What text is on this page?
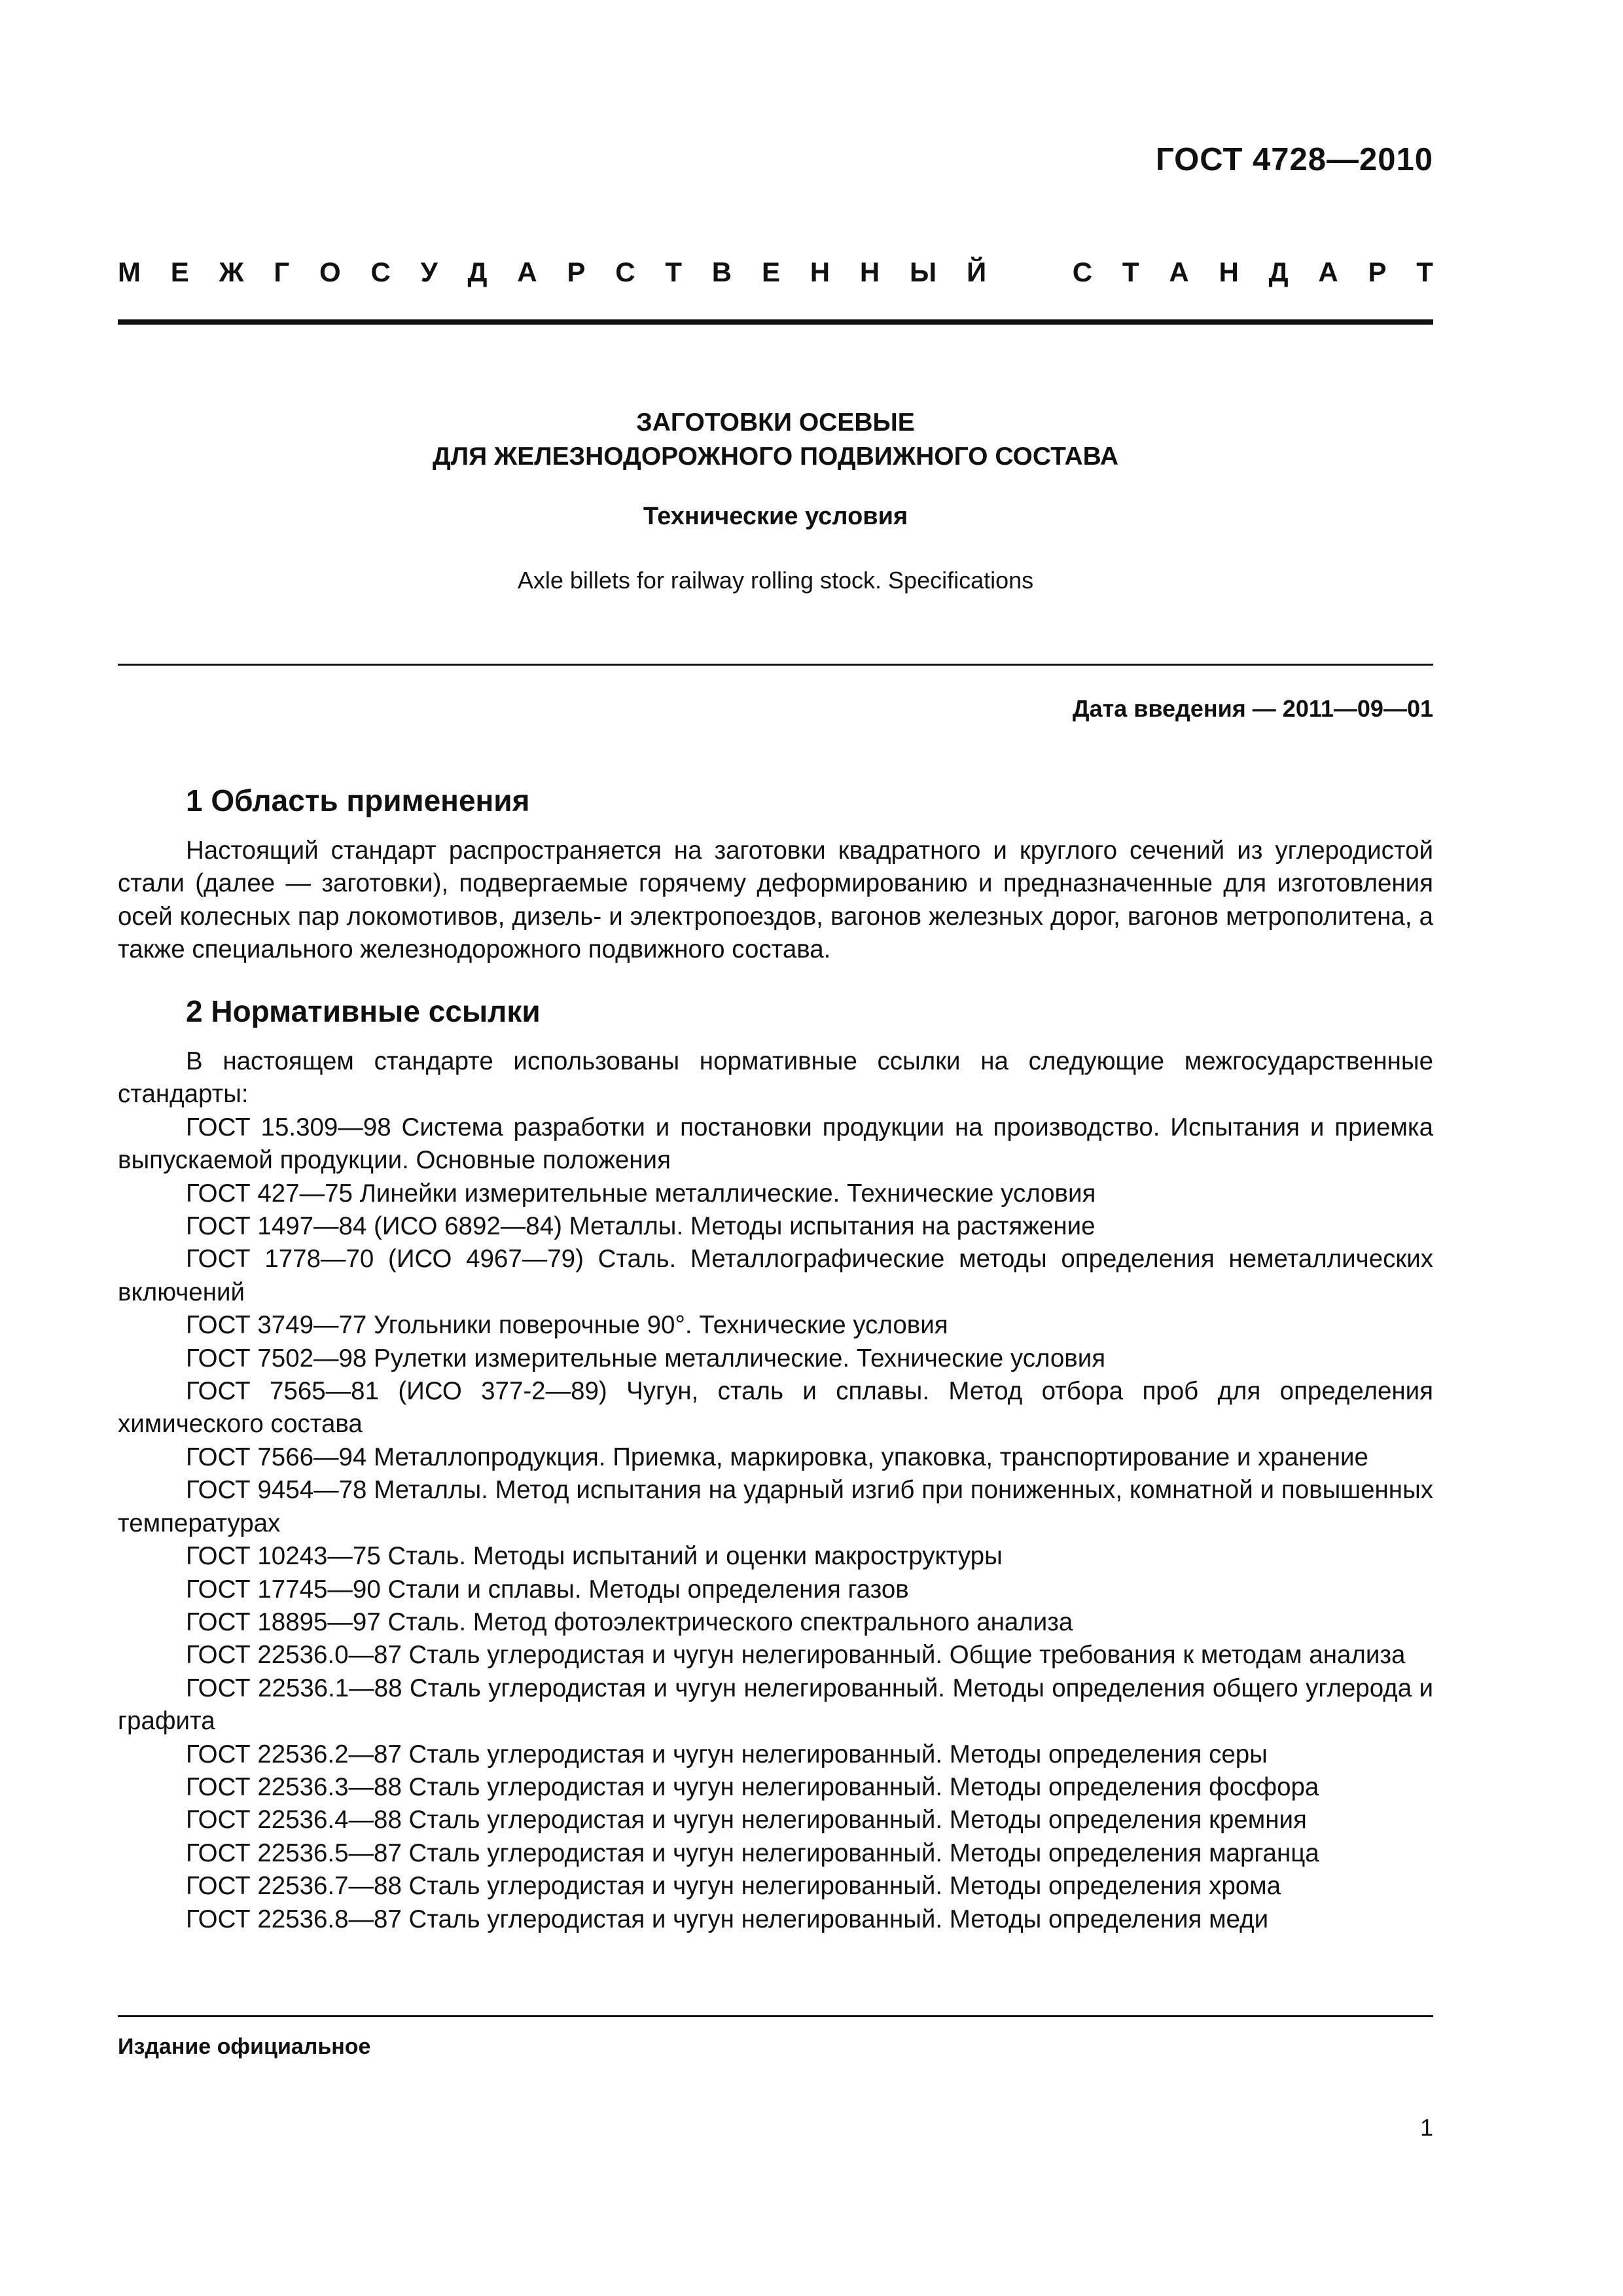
ГОСТ 4728—2010
М Е Ж Г О С У Д А Р С Т В Е Н Н Ы Й	С Т А Н Д А Р Т
ЗАГОТОВКИ ОСЕВЫЕ
ДЛЯ ЖЕЛЕЗНОДОРОЖНОГО ПОДВИЖНОГО СОСТАВА
Технические условия
Axle billets for railway rolling stock. Specifications
Дата введения — 2011—09—01
1 Область применения

Настоящий стандарт распространяется на заготовки квадратного и круглого сечений из углеродистой стали (далее — заготовки), подвергаемые горячему деформированию и предназначенные для изготовления осей колесных пар локомотивов, дизель- и электропоездов, вагонов железных дорог, вагонов метрополитена, а также специального железнодорожного подвижного состава.

2 Нормативные ссылки

В настоящем стандарте использованы нормативные ссылки на следующие межгосударственные стандарты:

ГОСТ 15.309—98 Система разработки и постановки продукции на производство. Испытания и приемка выпускаемой продукции. Основные положения

ГОСТ 427—75 Линейки измерительные металлические. Технические условия

ГОСТ 1497—84 (ИСО 6892—84) Металлы. Методы испытания на растяжение

ГОСТ 1778—70 (ИСО 4967—79) Сталь. Металлографические методы определения неметаллических включений

ГОСТ 3749—77 Угольники поверочные 90°. Технические условия

ГОСТ 7502—98 Рулетки измерительные металлические. Технические условия

ГОСТ 7565—81 (ИСО 377-2—89) Чугун, сталь и сплавы. Метод отбора проб для определения химического состава

ГОСТ 7566—94 Металлопродукция. Приемка, маркировка, упаковка, транспортирование и хранение

ГОСТ 9454—78 Металлы. Метод испытания на ударный изгиб при пониженных, комнатной и повышенных температурах

ГОСТ 10243—75 Сталь. Методы испытаний и оценки макроструктуры

ГОСТ 17745—90 Стали и сплавы. Методы определения газов

ГОСТ 18895—97 Сталь. Метод фотоэлектрического спектрального анализа

ГОСТ 22536.0—87 Сталь углеродистая и чугун нелегированный. Общие требования к методам анализа

ГОСТ 22536.1—88 Сталь углеродистая и чугун нелегированный. Методы определения общего углерода и графита

ГОСТ 22536.2—87 Сталь углеродистая и чугун нелегированный. Методы определения серы

ГОСТ 22536.3—88 Сталь углеродистая и чугун нелегированный. Методы определения фосфора

ГОСТ 22536.4—88 Сталь углеродистая и чугун нелегированный. Методы определения кремния

ГОСТ 22536.5—87 Сталь углеродистая и чугун нелегированный. Методы определения марганца

ГОСТ 22536.7—88 Сталь углеродистая и чугун нелегированный. Методы определения хрома

ГОСТ 22536.8—87 Сталь углеродистая и чугун нелегированный. Методы определения меди

Издание официальное
1
